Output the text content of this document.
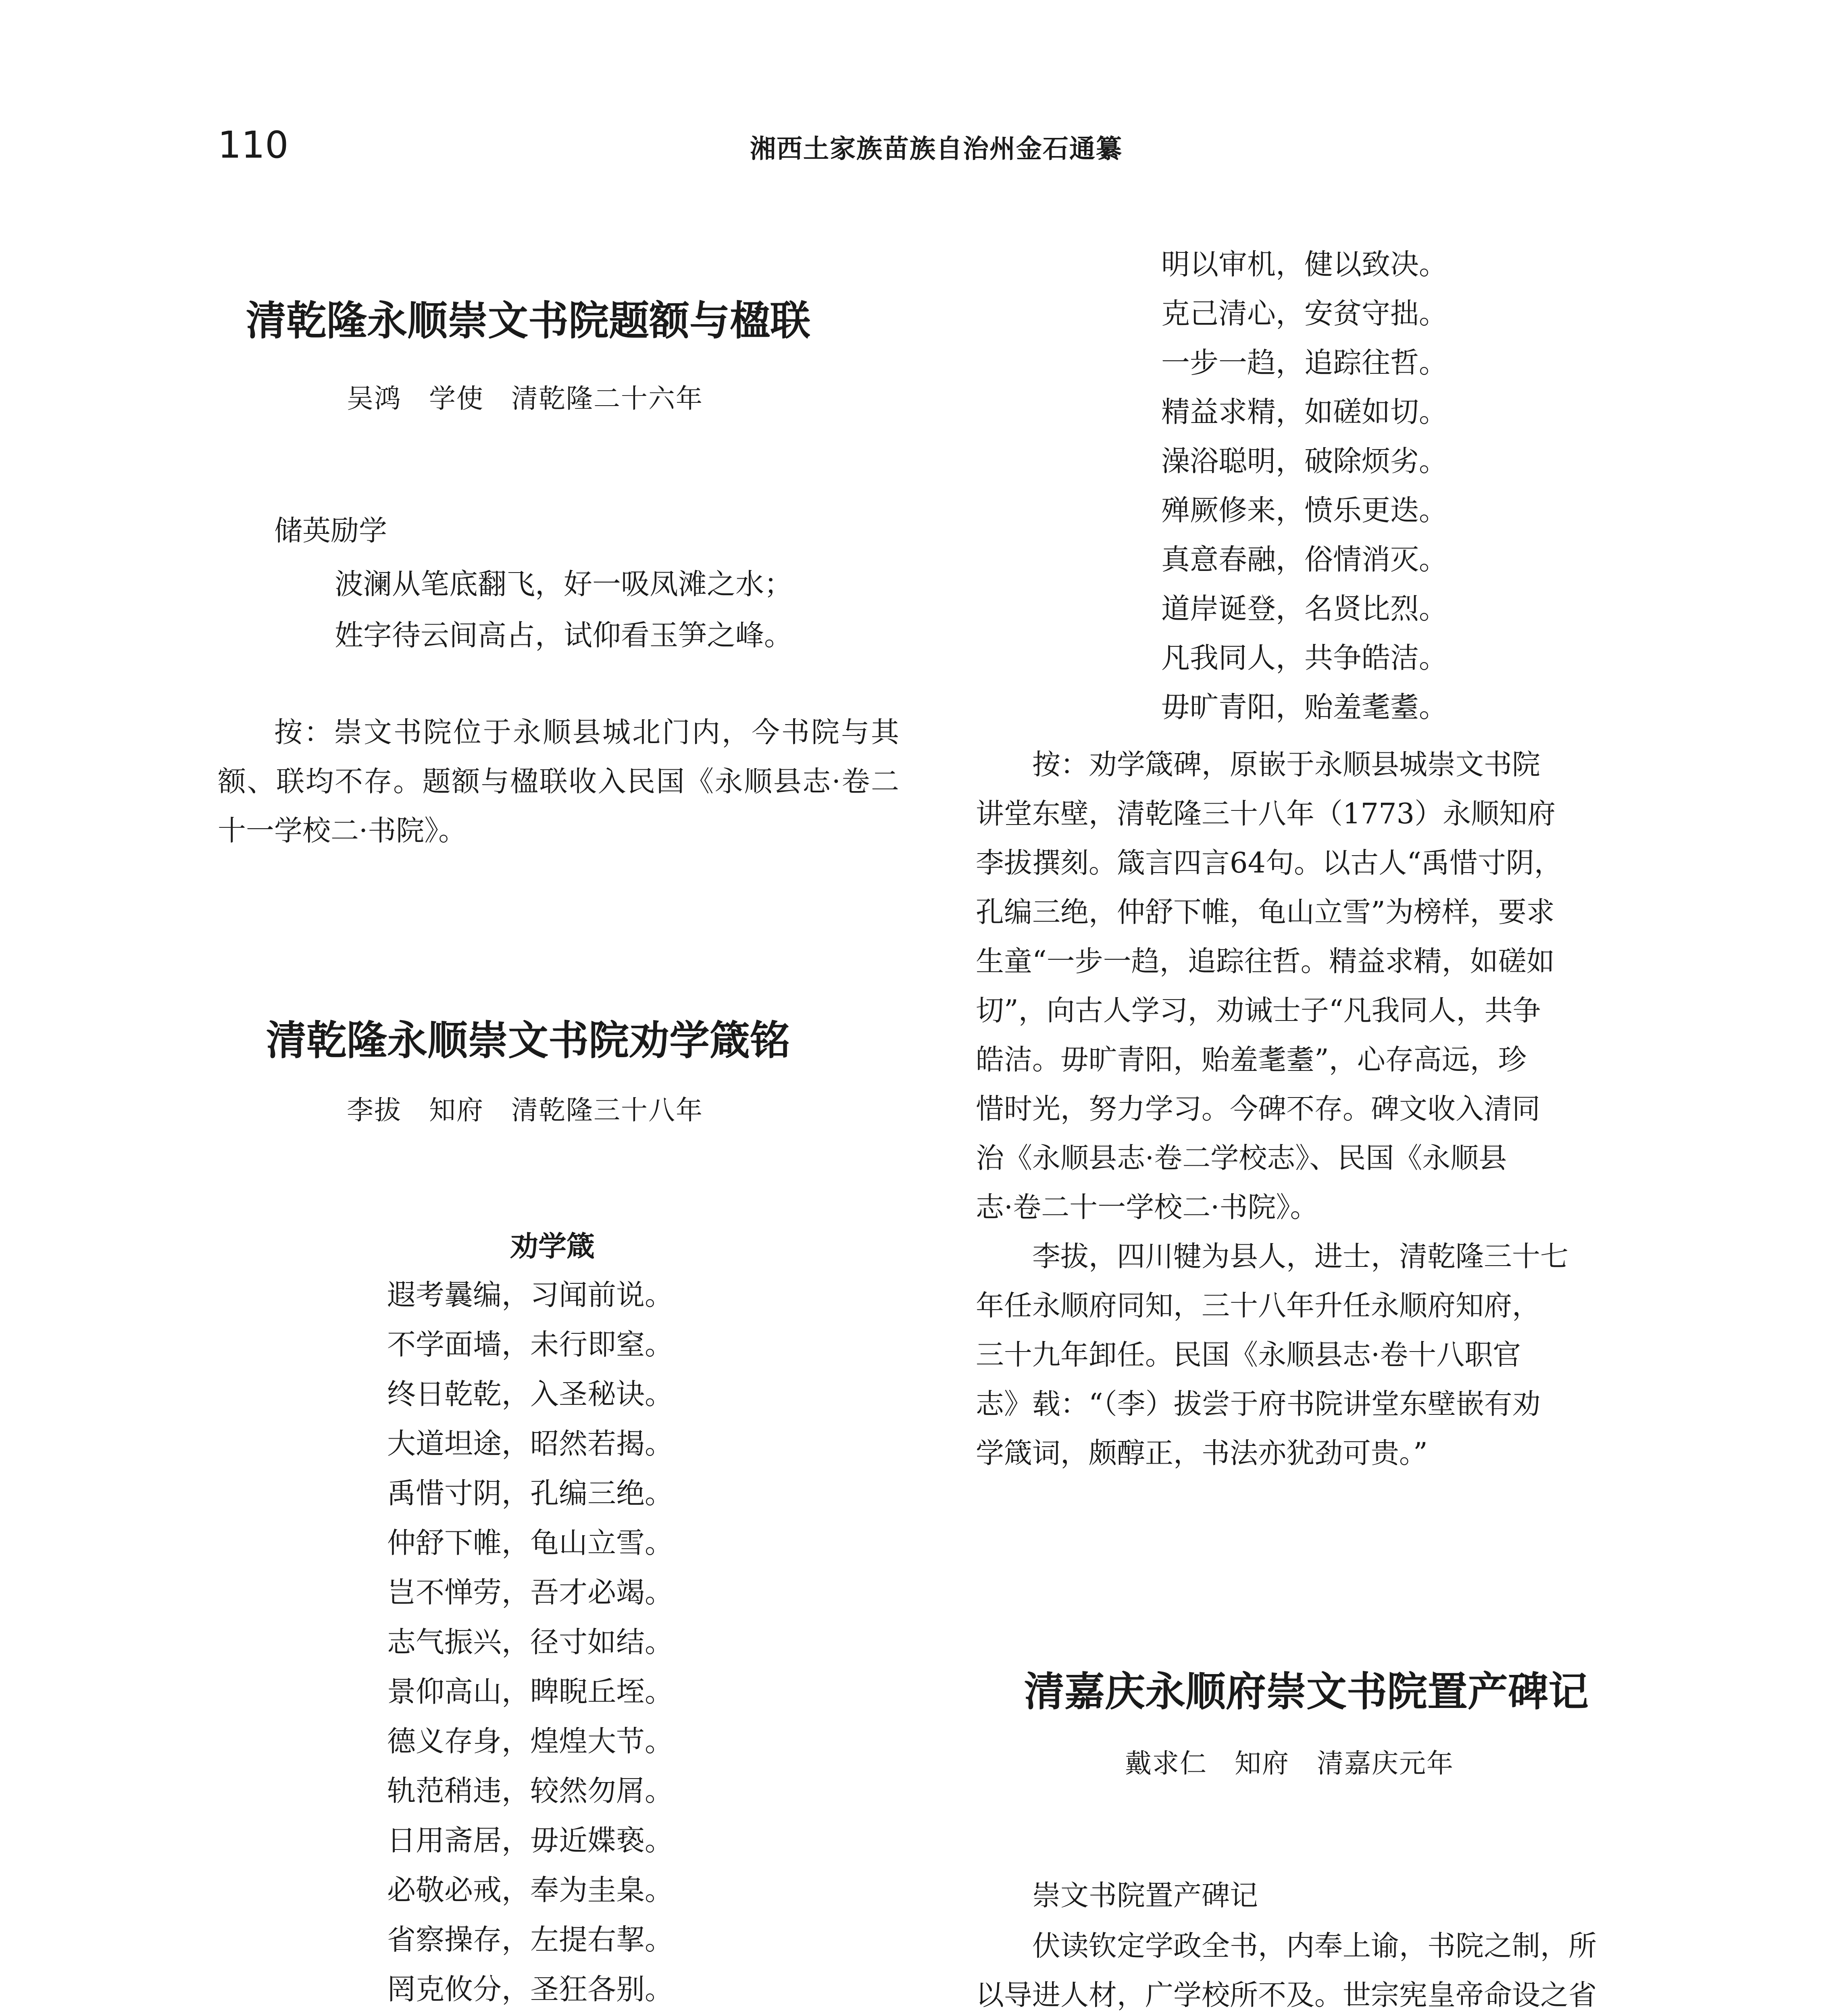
110	湘西土家族苗族自治州金石通纂
清乾隆永顺崇文书院题额与楹联
吴鸿　学使　清乾隆二十六年
储英励学
波澜从笔底翻飞，好一吸凤滩之水；
姓字待云间高占，试仰看玉笋之峰。

按：崇文书院位于永顺县城北门内，今书院与其额、联均不存。题额与楹联收入民国《永顺县志·卷二十一学校二·书院》。

清乾隆永顺崇文书院劝学箴铭
李拔　知府　清乾隆三十八年
劝学箴
遐考曩编，习闻前说。
不学面墙，未行即窒。
终日乾乾，入圣秘诀。
大道坦途，昭然若揭。
禹惜寸阴，孔编三绝。
仲舒下帷，龟山立雪。
岂不惮劳，吾才必竭。
志气振兴，径寸如结。
景仰高山，睥睨丘垤。
德义存身，煌煌大节。
轨范稍违，较然勿屑。
日用斋居，毋近媟亵。
必敬必戒，奉为圭臬。
省察操存，左提右挈。
罔克攸分，圣狂各别。
明以审机，健以致决。
克己清心，安贫守拙。
一步一趋，追踪往哲。
精益求精，如磋如切。
澡浴聪明，破除烦劣。
殚厥修来，愤乐更迭。
真意春融，俗情消灭。
道岸诞登，名贤比烈。
凡我同人，共争皓洁。
毋旷青阳，贻羞耄耋。
按：劝学箴碑，原嵌于永顺县城崇文书院
讲堂东壁，清乾隆三十八年（1773）永顺知府
李拔撰刻。箴言四言64句。以古人“禹惜寸阴，
孔编三绝，仲舒下帷，龟山立雪”为榜样，要求
生童“一步一趋，追踪往哲。精益求精，如磋如
切”，向古人学习，劝诫士子“凡我同人，共争
皓洁。毋旷青阳，贻羞耄耋”，心存高远，珍
惜时光，努力学习。今碑不存。碑文收入清同
治《永顺县志·卷二学校志》、民国《永顺县
志·卷二十一学校二·书院》。
李拔，四川犍为县人，进士，清乾隆三十七
年任永顺府同知，三十八年升任永顺府知府，
三十九年卸任。民国《永顺县志·卷十八职官
志》载：“（李）拔尝于府书院讲堂东壁嵌有劝
学箴词，颇醇正，书法亦犹劲可贵。”
清嘉庆永顺府崇文书院置产碑记
戴求仁　知府　清嘉庆元年
崇文书院置产碑记
伏读钦定学政全书，内奉上谕，书院之制，所
以导进人材，广学校所不及。世宗宪皇帝命设之省
